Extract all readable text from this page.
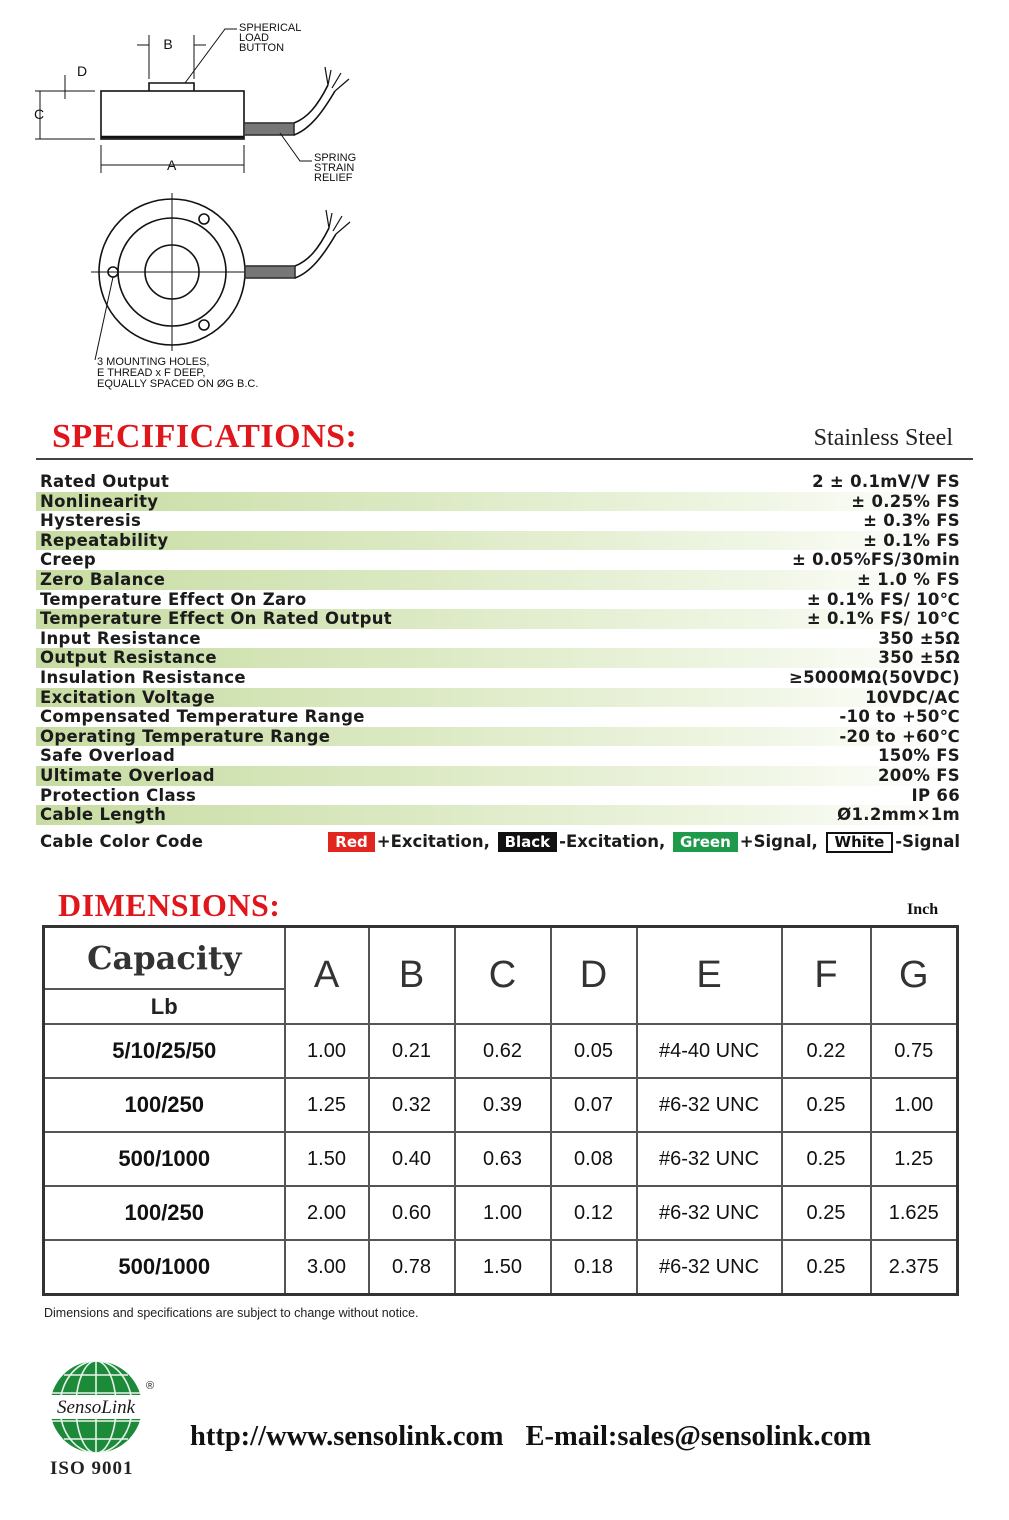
B
D
C
A
SPHERICAL
LOAD
BUTTON
SPRING
STRAIN
RELIEF
3 MOUNTING HOLES,
E THREAD x F DEEP,
EQUALLY SPACED ON ØG B.C.
SPECIFICATIONS:	Stainless Steel
Rated Output	2 ± 0.1mV/V FS
Nonlinearity	± 0.25% FS
Hysteresis	± 0.3% FS
Repeatability	± 0.1% FS
Creep	± 0.05%FS/30min
Zero Balance	± 1.0 % FS
Temperature Effect On Zaro	± 0.1% FS/ 10℃
Temperature Effect On Rated Output	± 0.1% FS/ 10℃
Input Resistance	350 ±5Ω
Output Resistance	350 ±5Ω
Insulation Resistance	≥5000MΩ(50VDC)
Excitation Voltage	10VDC/AC
Compensated Temperature Range	-10 to +50℃
Operating Temperature Range	-20 to +60℃
Safe Overload	150% FS
Ultimate Overload	200% FS
Protection Class	IP 66
Cable Length	Ø1.2mm×1m
Cable Color Code	Red +Excitation, Black -Excitation, Green +Signal, White -Signal
DIMENSIONS:	Inch
Capacity	A	B	C	D	E	F	G
Lb							
5/10/25/50	1.00	0.21	0.62	0.05	#4-40 UNC	0.22	0.75
100/250	1.25	0.32	0.39	0.07	#6-32 UNC	0.25	1.00
500/1000	1.50	0.40	0.63	0.08	#6-32 UNC	0.25	1.25
100/250	2.00	0.60	1.00	0.12	#6-32 UNC	0.25	1.625
500/1000	3.00	0.78	1.50	0.18	#6-32 UNC	0.25	2.375
Dimensions and specifications are subject to change without notice.
SensoLink
®
ISO 9001
http://www.sensolink.com E-mail:sales@sensolink.com
